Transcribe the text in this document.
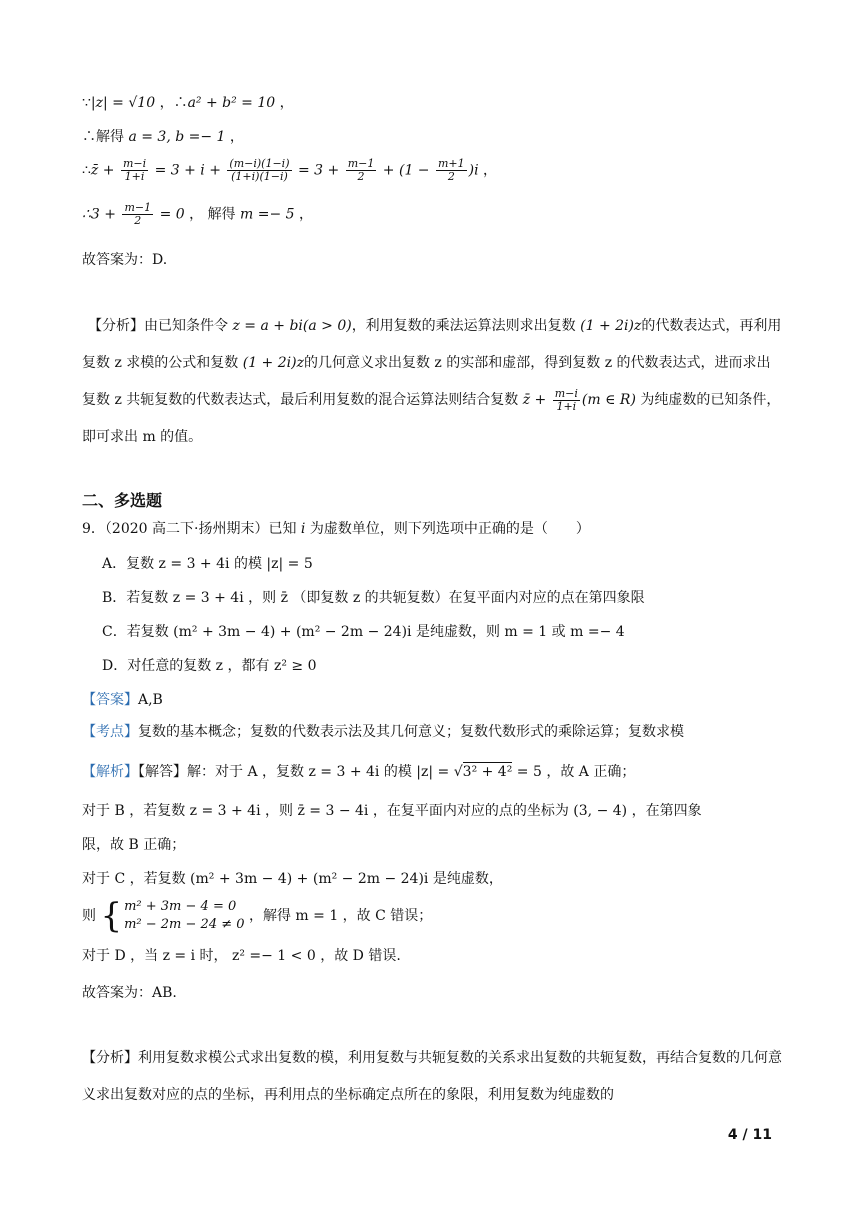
∵|z| = √10 ，∴a² + b² = 10 ，
∴解得 a = 3, b =− 1 ，
∴z̄ + $\frac{m-i}{1+i} = 3 + i + \frac{(m-i)(1-i)}{(1+i)(1-i)} = 3 + \frac{m-1}{2} + (1 - \frac{m+1}{2} )i$ ，
∴3 + $\frac{m-1}{2} = 0$ ， 解得 m =− 5 ，
故答案为：D.
【分析】由已知条件令 z = a + bi(a > 0)，利用复数的乘法运算法则求出复数 (1 + 2i)z的代数表达式，再利用复数 z 求模的公式和复数 (1 + 2i)z的几何意义求出复数 z 的实部和虚部，得到复数 z 的代数表达式，进而求出复数 z 共轭复数的代数表达式，最后利用复数的混合运算法则结合复数 z̄ + $\frac{m-i}{1+i} (m$ ∈ R) 为纯虚数的已知条件，即可求出 m 的值。
二、多选题
9．（2020 高二下·扬州期末）已知 i 为虚数单位，则下列选项中正确的是（　　）
A．复数 z = 3 + 4i 的模 |z| = 5
B．若复数 z = 3 + 4i ，则 z̄ （即复数 z 的共轭复数）在复平面内对应的点在第四象限
C．若复数 (m² + 3m − 4) + (m² − 2m − 24)i 是纯虚数，则 m = 1 或 m =− 4
D．对任意的复数 z ，都有 z² ≥ 0
【答案】A,B
【考点】复数的基本概念；复数的代数表示法及其几何意义；复数代数形式的乘除运算；复数求模
【解析】【解答】解：对于 A ，复数 z = 3 + 4i 的模 |z| = √3² + 4² = 5 ，故 A 正确；
对于 B ，若复数 z = 3 + 4i ，则 z̄ = 3 − 4i ，在复平面内对应的点的坐标为 (3, − 4) ，在第四象
限，故 B 正确；
对于 C ，若复数 (m² + 3m − 4) + (m² − 2m − 24)i 是纯虚数，
则 { m² + 3m − 4 = 0
m² − 2m − 24 ≠ 0
，解得 m = 1 ，故 C 错误；
对于 D ，当 z = i 时， z² =− 1 < 0 ，故 D 错误.
故答案为：AB.
【分析】利用复数求模公式求出复数的模，利用复数与共轭复数的关系求出复数的共轭复数，再结合复数的几何意义求出复数对应的点的坐标，再利用点的坐标确定点所在的象限，利用复数为纯虚数的
4 / 11
